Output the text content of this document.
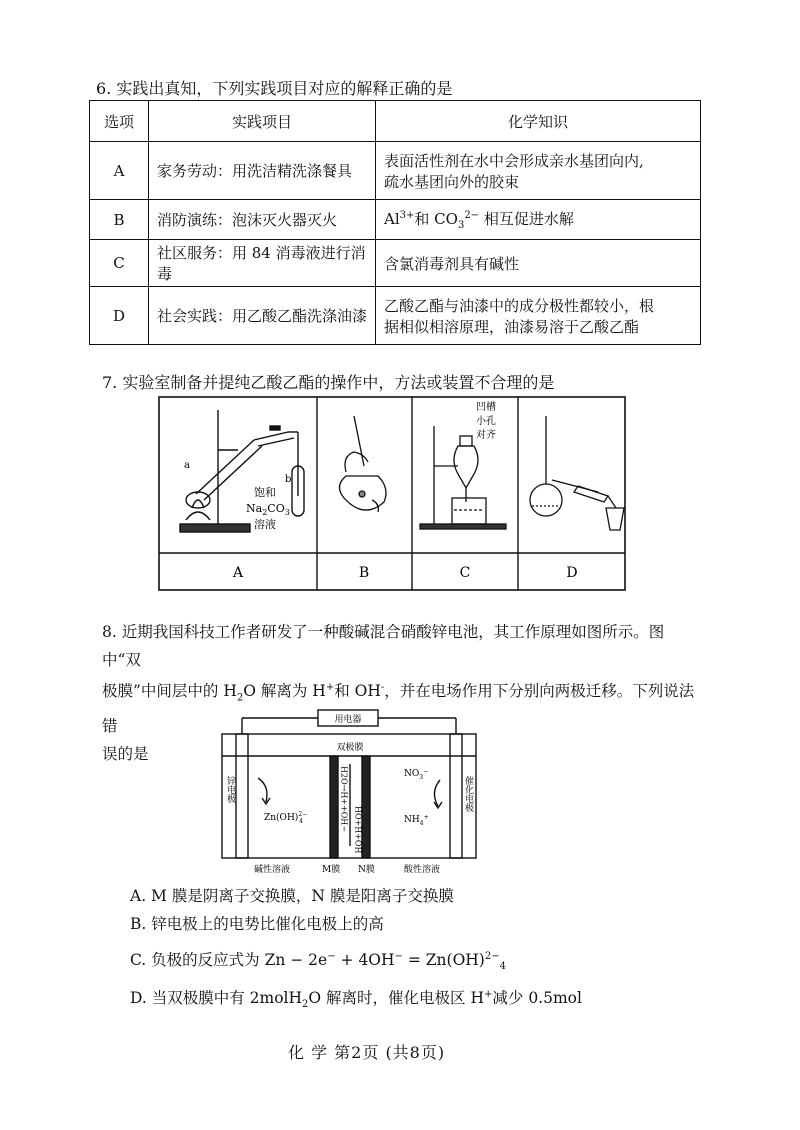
6. 实践出真知，下列实践项目对应的解释正确的是
选项	实践项目	化学知识
A	家务劳动：用洗洁精洗涤餐具	表面活性剂在水中会形成亲水基团向内,
疏水基团向外的胶束

B	消防演练：泡沫灭火器灭火	$Al^{3+}$和 $CO_3^{2-}$ 相互促进水解
C	社区服务：用 84 消毒液进行消毒	含氯消毒剂具有碱性
D	社会实践：用乙酸乙酯洗涤油漆	乙酸乙酯与油漆中的成分极性都较小，根
据相似相溶原理，油漆易溶于乙酸乙酯
7. 实验室制备并提纯乙酸乙酯的操作中，方法或装置不合理的是
a
b
饱和
$Na_2CO_3$
溶液
凹槽
小孔
对齐
A	B	C	D
8. 近期我国科技工作者研发了一种酸碱混合硝酸锌电池，其工作原理如图所示。图中“双
极膜”中间层中的 $H_2O$ 解离为 H+和 OH-，并在电场作用下分别向两极迁移。下列说法错
误的是
用电器
双极膜
锌电极	催化电极
Zn(OH)$^{2-}$ 4
$NO_3^-$
$NH_4^+$
H2O→H++OH− HO+H+OH
M膜 N膜
碱性溶液	酸性溶液
A. M 膜是阴离子交换膜，N 膜是阳离子交换膜
B. 锌电极上的电势比催化电极上的高
C. 负极的反应式为 Zn − 2e− + 4OH− = Zn(OH)$^{2-}_4$
D. 当双极膜中有 2molH$_2$O 解离时，催化电极区 H+减少 0.5mol
化 学 第2页 (共8页)
